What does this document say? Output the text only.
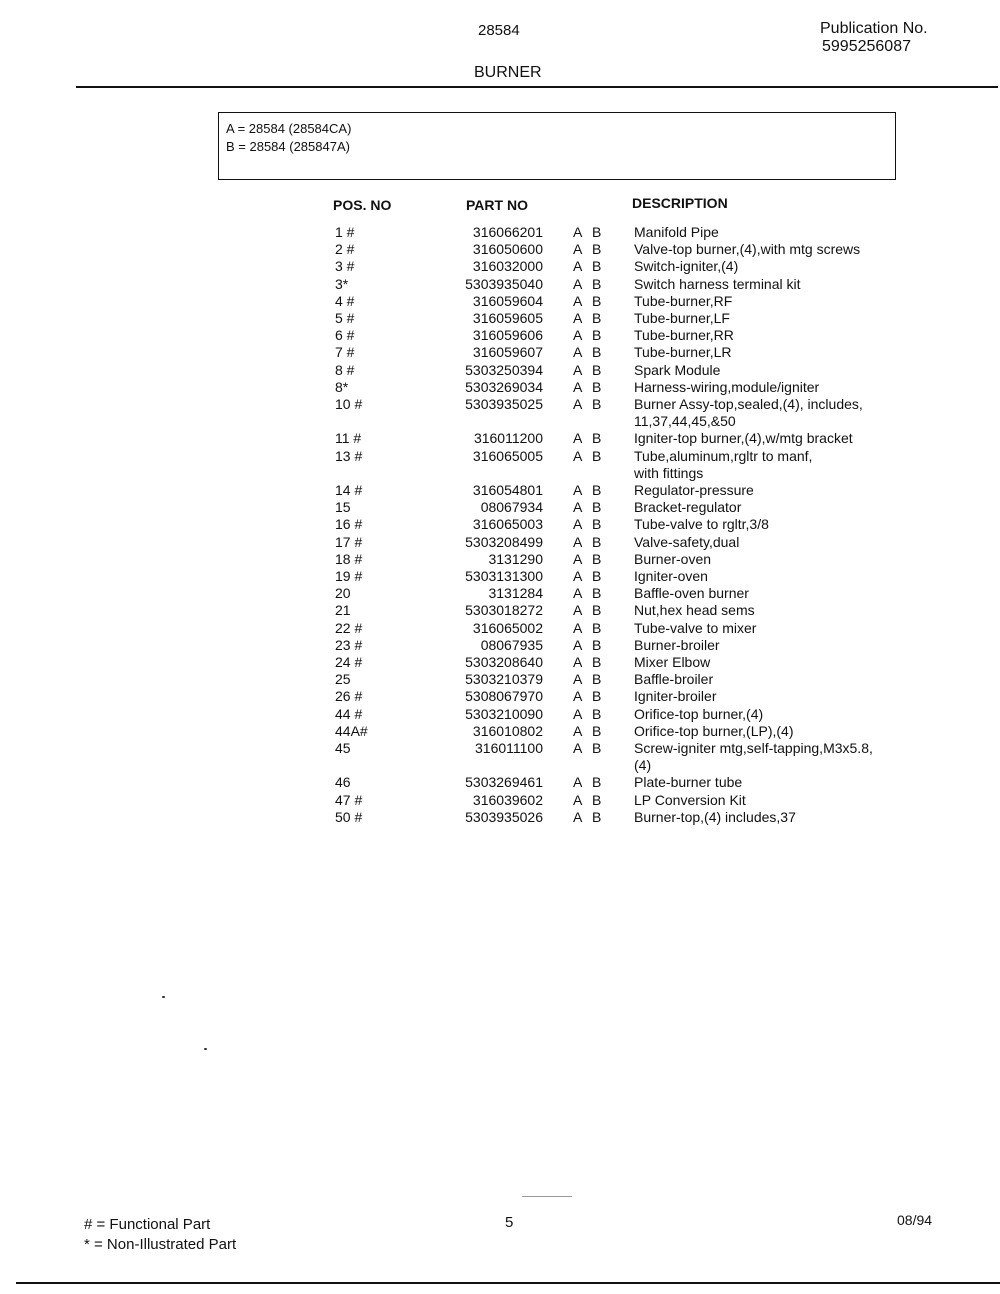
28584	Publication No.
5995256087
BURNER
A = 28584 (28584CA)
B = 28584 (285847A)
POS. NO	PART NO	DESCRIPTION
1 #	316066201 A B Manifold Pipe
2 #	316050600 A B Valve-top burner,(4),with mtg screws
3 #	316032000 A B Switch-igniter,(4)
3*	5303935040 A B Switch harness terminal kit
4 #	316059604 A B Tube-burner,RF
5 #	316059605 A B Tube-burner,LF
6 #	316059606 A B Tube-burner,RR
7 #	316059607 A B Tube-burner,LR
8 #	5303250394 A B Spark Module
8*	5303269034 A B Harness-wiring,module/igniter
10 #	5303935025 A B Burner Assy-top,sealed,(4), includes,
11,37,44,45,&50
11 #	316011200 A B Igniter-top burner,(4),w/mtg bracket
13 #	316065005 A B Tube,aluminum,rgltr to manf,
with fittings
14 #	316054801 A B Regulator-pressure
15	08067934 A B Bracket-regulator
16 #	316065003 A B Tube-valve to rgltr,3/8
17 #	5303208499 A B Valve-safety,dual
18 #	3131290 A B Burner-oven
19 #	5303131300 A B Igniter-oven
20	3131284 A B Baffle-oven burner
21	5303018272 A B Nut,hex head sems
22 #	316065002 A B Tube-valve to mixer
23 #	08067935 A B Burner-broiler
24 #	5303208640 A B Mixer Elbow
25	5303210379 A B Baffle-broiler
26 #	5308067970 A B Igniter-broiler
44 #	5303210090 A B Orifice-top burner,(4)
44A#	316010802 A B Orifice-top burner,(LP),(4)
45	316011100 A B Screw-igniter mtg,self-tapping,M3x5.8,
(4)
46	5303269461 A B Plate-burner tube
47 #	316039602 A B LP Conversion Kit
50 #	5303935026 A B Burner-top,(4) includes,37
# = Functional Part
* = Non-Illustrated Part
5	08/94
